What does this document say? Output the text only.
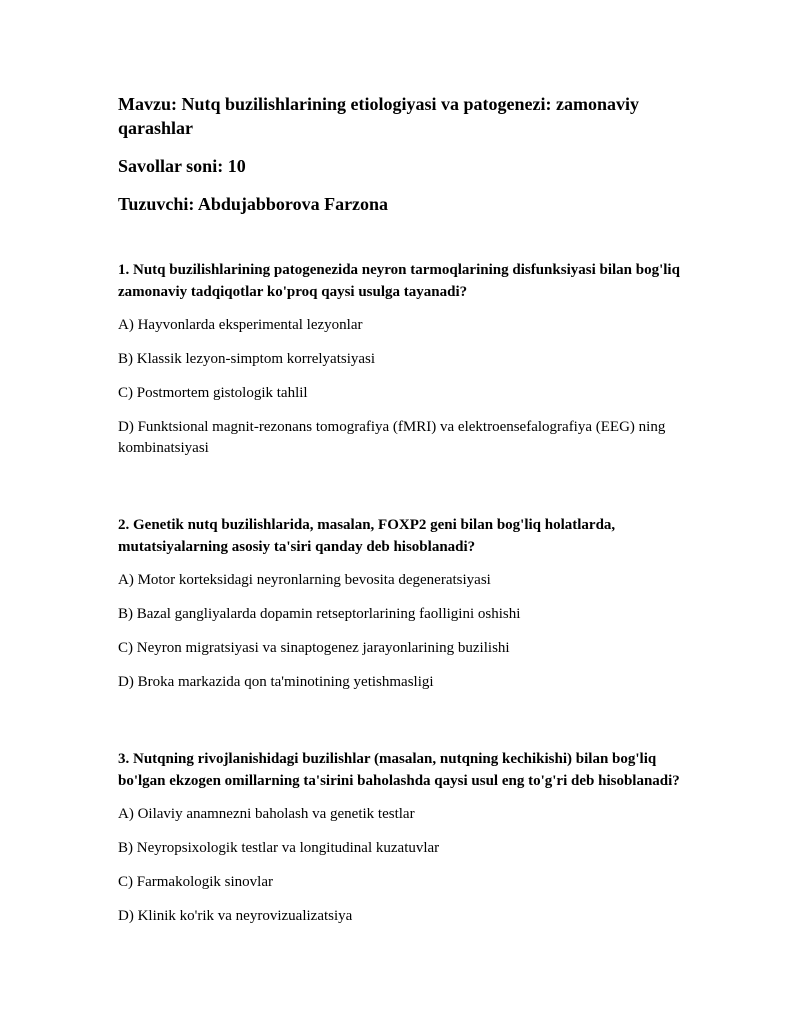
Mavzu: Nutq buzilishlarining etiologiyasi va patogenezi: zamonaviy qarashlar

Savollar soni: 10

Tuzuvchi: Abdujabborova Farzona

1. Nutq buzilishlarining patogenezida neyron tarmoqlarining disfunksiyasi bilan bog'liq zamonaviy tadqiqotlar ko'proq qaysi usulga tayanadi?

A) Hayvonlarda eksperimental lezyonlar

B) Klassik lezyon-simptom korrelyatsiyasi

C) Postmortem gistologik tahlil

D) Funktsional magnit-rezonans tomografiya (fMRI) va elektroensefalografiya (EEG) ning kombinatsiyasi

2. Genetik nutq buzilishlarida, masalan, FOXP2 geni bilan bog'liq holatlarda, mutatsiyalarning asosiy ta'siri qanday deb hisoblanadi?

A) Motor korteksidagi neyronlarning bevosita degeneratsiyasi

B) Bazal gangliyalarda dopamin retseptorlarining faolligini oshishi

C) Neyron migratsiyasi va sinaptogenez jarayonlarining buzilishi

D) Broka markazida qon ta'minotining yetishmasligi

3. Nutqning rivojlanishidagi buzilishlar (masalan, nutqning kechikishi) bilan bog'liq bo'lgan ekzogen omillarning ta'sirini baholashda qaysi usul eng to'g'ri deb hisoblanadi?

A) Oilaviy anamnezni baholash va genetik testlar

B) Neyropsixologik testlar va longitudinal kuzatuvlar

C) Farmakologik sinovlar

D) Klinik ko'rik va neyrovizualizatsiya
